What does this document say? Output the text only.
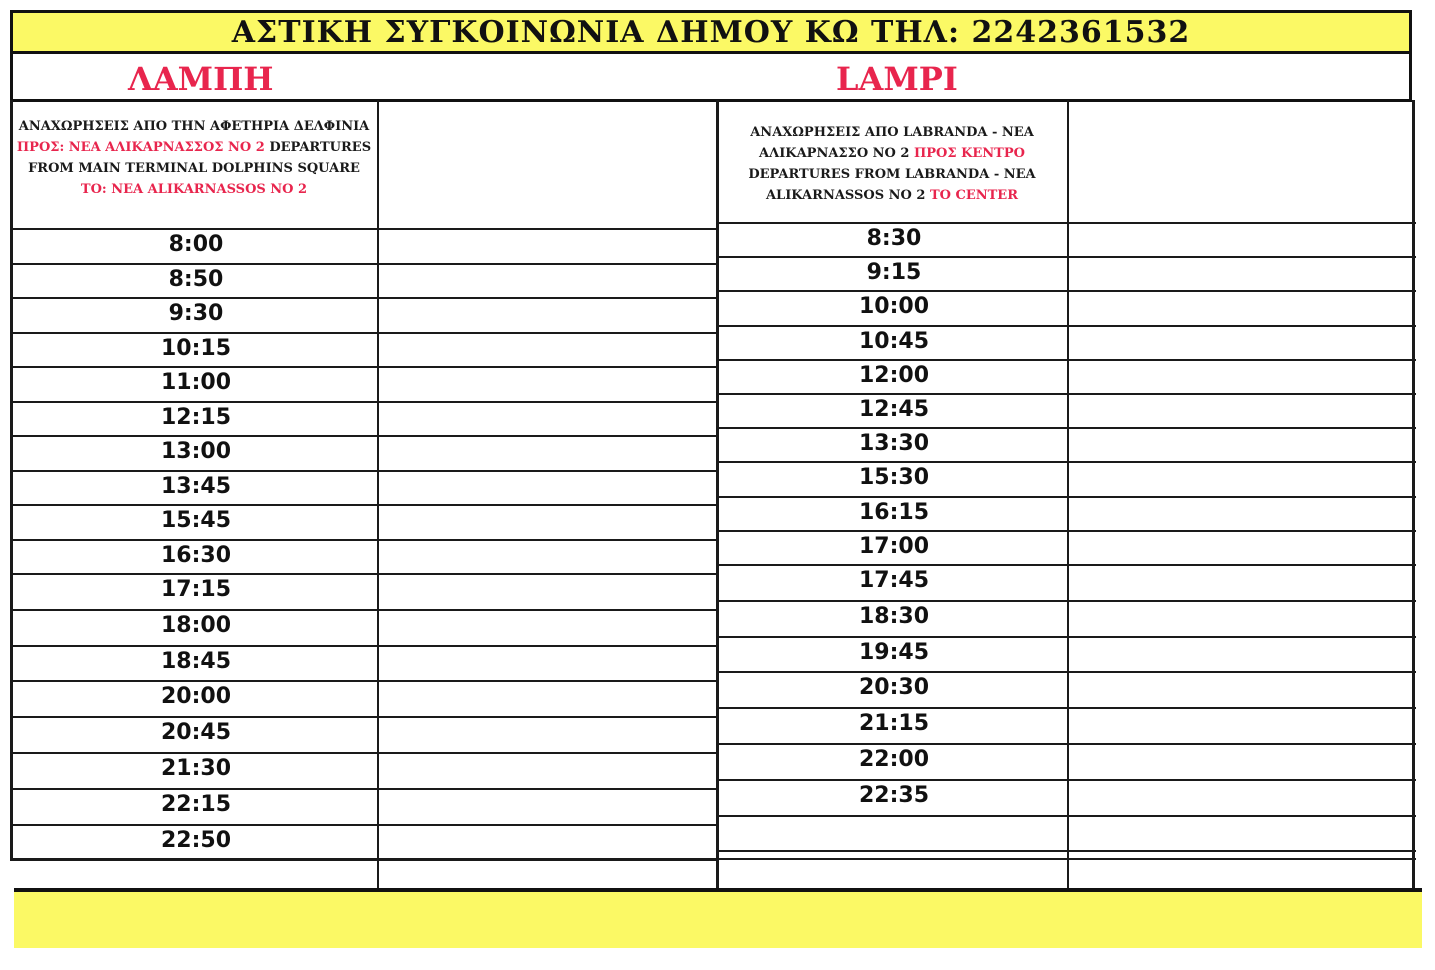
ΑΣΤΙΚΗ ΣΥΓΚΟΙΝΩΝΙΑ ΔΗΜΟΥ ΚΩ ΤΗΛ: 2242361532
ΛΑΜΠΗ	LAMPI
ΑΝΑΧΩΡΗΣΕΙΣ ΑΠΟ ΤΗΝ ΑΦΕΤΗΡΙΑ ΔΕΛΦΙΝΙΑ ΠΡΟΣ: ΝΕΑ ΑΛΙΚΑΡΝΑΣΣΟΣ ΝΟ 2 DEPARTURES FROM MAIN TERMINAL DOLPHINS SQUARE TO: NEA ALIKARNASSOS NO 2
ΑΝΑΧΩΡΗΣΕΙΣ ΑΠΟ LABRANDA - ΝΕΑ ΑΛΙΚΑΡΝΑΣΣΟ ΝΟ 2 ΠΡΟΣ ΚΕΝΤΡΟ DEPARTURES FROM LABRANDA - NEA ALIKARNASSOS NO 2 TO CENTER
8:00
8:50
9:30
10:15
11:00
12:15
13:00
13:45
15:45
16:30
17:15
18:00
18:45
20:00
20:45
21:30
22:15
22:50
8:30
9:15
10:00
10:45
12:00
12:45
13:30
15:30
16:15
17:00
17:45
18:30
19:45
20:30
21:15
22:00
22:35
